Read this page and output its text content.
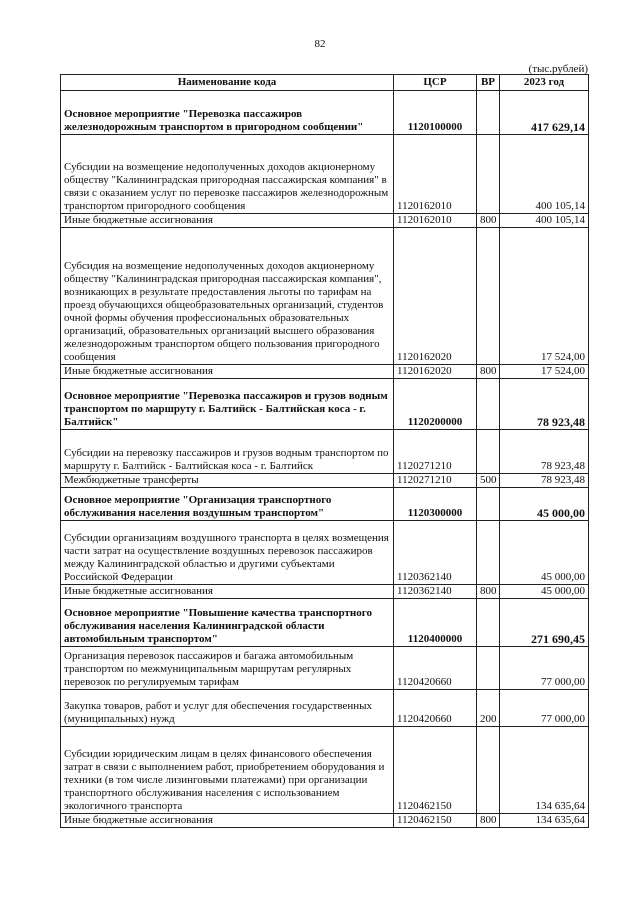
82
(тыс.рублей)
Наименование кода	ЦСР	ВР	2023 год
Основное мероприятие "Перевозка пассажиров железнодорожным транспортом в пригородном сообщении"	1120100000		417 629,14
Субсидии на возмещение недополученных доходов акционерному обществу "Калининградская пригородная пассажирская компания" в связи с оказанием услуг по перевозке пассажиров железнодорожным транспортом пригородного сообщения	1120162010		400 105,14
Иные бюджетные ассигнования	1120162010	800	400 105,14
Субсидия на возмещение недополученных доходов акционерному обществу "Калининградская пригородная пассажирская компания", возникающих в результате предоставления льготы по тарифам на проезд обучающихся общеобразовательных организаций, студентов очной формы обучения профессиональных образовательных организаций, образовательных организаций высшего образования железнодорожным транспортом общего пользования пригородного сообщения	1120162020		17 524,00
Иные бюджетные ассигнования	1120162020	800	17 524,00
Основное мероприятие "Перевозка пассажиров и грузов водным транспортом по маршруту г. Балтийск - Балтийская коса - г. Балтийск"	1120200000		78 923,48
Субсидии на перевозку пассажиров и грузов водным транспортом по маршруту г. Балтийск - Балтийская коса - г. Балтийск	1120271210		78 923,48
Межбюджетные трансферты	1120271210	500	78 923,48
Основное мероприятие "Организация транспортного обслуживания населения воздушным транспортом"	1120300000		45 000,00
Субсидии организациям воздушного транспорта в целях возмещения части затрат на осуществление воздушных перевозок пассажиров между Калининградской областью и другими субъектами Российской Федерации	1120362140		45 000,00
Иные бюджетные ассигнования	1120362140	800	45 000,00
Основное мероприятие "Повышение качества транспортного обслуживания населения Калининградской области автомобильным транспортом"	1120400000		271 690,45
Организация перевозок пассажиров и багажа автомобильным транспортом по межмуниципальным маршрутам регулярных перевозок по регулируемым тарифам	1120420660		77 000,00
Закупка товаров, работ и услуг для обеспечения государственных (муниципальных) нужд	1120420660	200	77 000,00
Субсидии юридическим лицам в целях финансового обеспечения затрат в связи с выполнением работ, приобретением оборудования и техники (в том числе лизинговыми платежами) при организации транспортного обслуживания населения с использованием экологичного транспорта	1120462150		134 635,64
Иные бюджетные ассигнования	1120462150	800	134 635,64
